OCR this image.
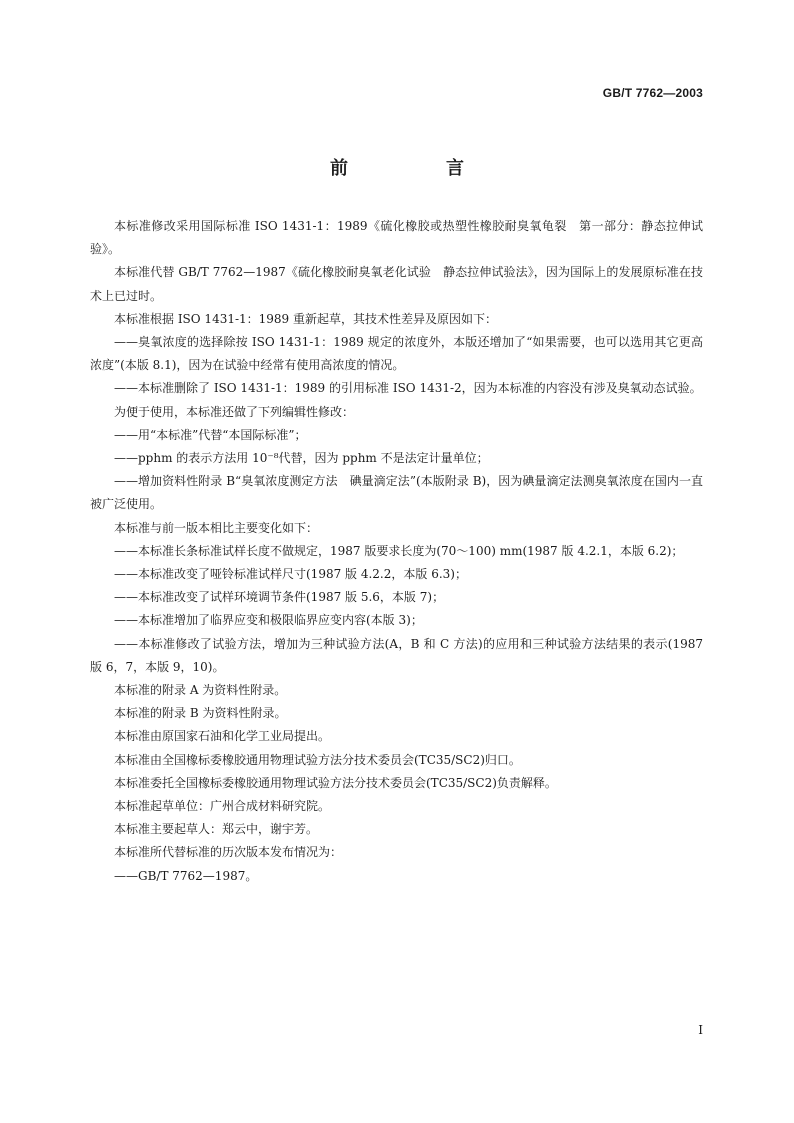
GB/T 7762—2003
前　言

本标准修改采用国际标准 ISO 1431-1：1989《硫化橡胶或热塑性橡胶耐臭氧龟裂　第一部分：静态拉伸试验》。

本标准代替 GB/T 7762—1987《硫化橡胶耐臭氧老化试验　静态拉伸试验法》，因为国际上的发展原标准在技术上已过时。

本标准根据 ISO 1431-1：1989 重新起草，其技术性差异及原因如下：

——臭氧浓度的选择除按 ISO 1431-1：1989 规定的浓度外，本版还增加了“如果需要，也可以选用其它更高浓度”(本版 8.1)，因为在试验中经常有使用高浓度的情况。

——本标准删除了 ISO 1431-1：1989 的引用标准 ISO 1431-2，因为本标准的内容没有涉及臭氧动态试验。

为便于使用，本标准还做了下列编辑性修改：

——用“本标准”代替“本国际标准”；

——pphm 的表示方法用 10⁻⁸代替，因为 pphm 不是法定计量单位；

——增加资料性附录 B“臭氧浓度测定方法　碘量滴定法”(本版附录 B)，因为碘量滴定法测臭氧浓度在国内一直被广泛使用。

本标准与前一版本相比主要变化如下：

——本标准长条标准试样长度不做规定，1987 版要求长度为(70～100) mm(1987 版 4.2.1，本版 6.2)；

——本标准改变了哑铃标准试样尺寸(1987 版 4.2.2，本版 6.3)；

——本标准改变了试样环境调节条件(1987 版 5.6，本版 7)；

——本标准增加了临界应变和极限临界应变内容(本版 3)；

——本标准修改了试验方法，增加为三种试验方法(A，B 和 C 方法)的应用和三种试验方法结果的表示(1987 版 6，7，本版 9，10)。

本标准的附录 A 为资料性附录。

本标准的附录 B 为资料性附录。

本标准由原国家石油和化学工业局提出。

本标准由全国橡标委橡胶通用物理试验方法分技术委员会(TC35/SC2)归口。

本标准委托全国橡标委橡胶通用物理试验方法分技术委员会(TC35/SC2)负责解释。

本标准起草单位：广州合成材料研究院。

本标准主要起草人：郑云中，谢宇芳。

本标准所代替标准的历次版本发布情况为：

——GB/T 7762—1987。

I
